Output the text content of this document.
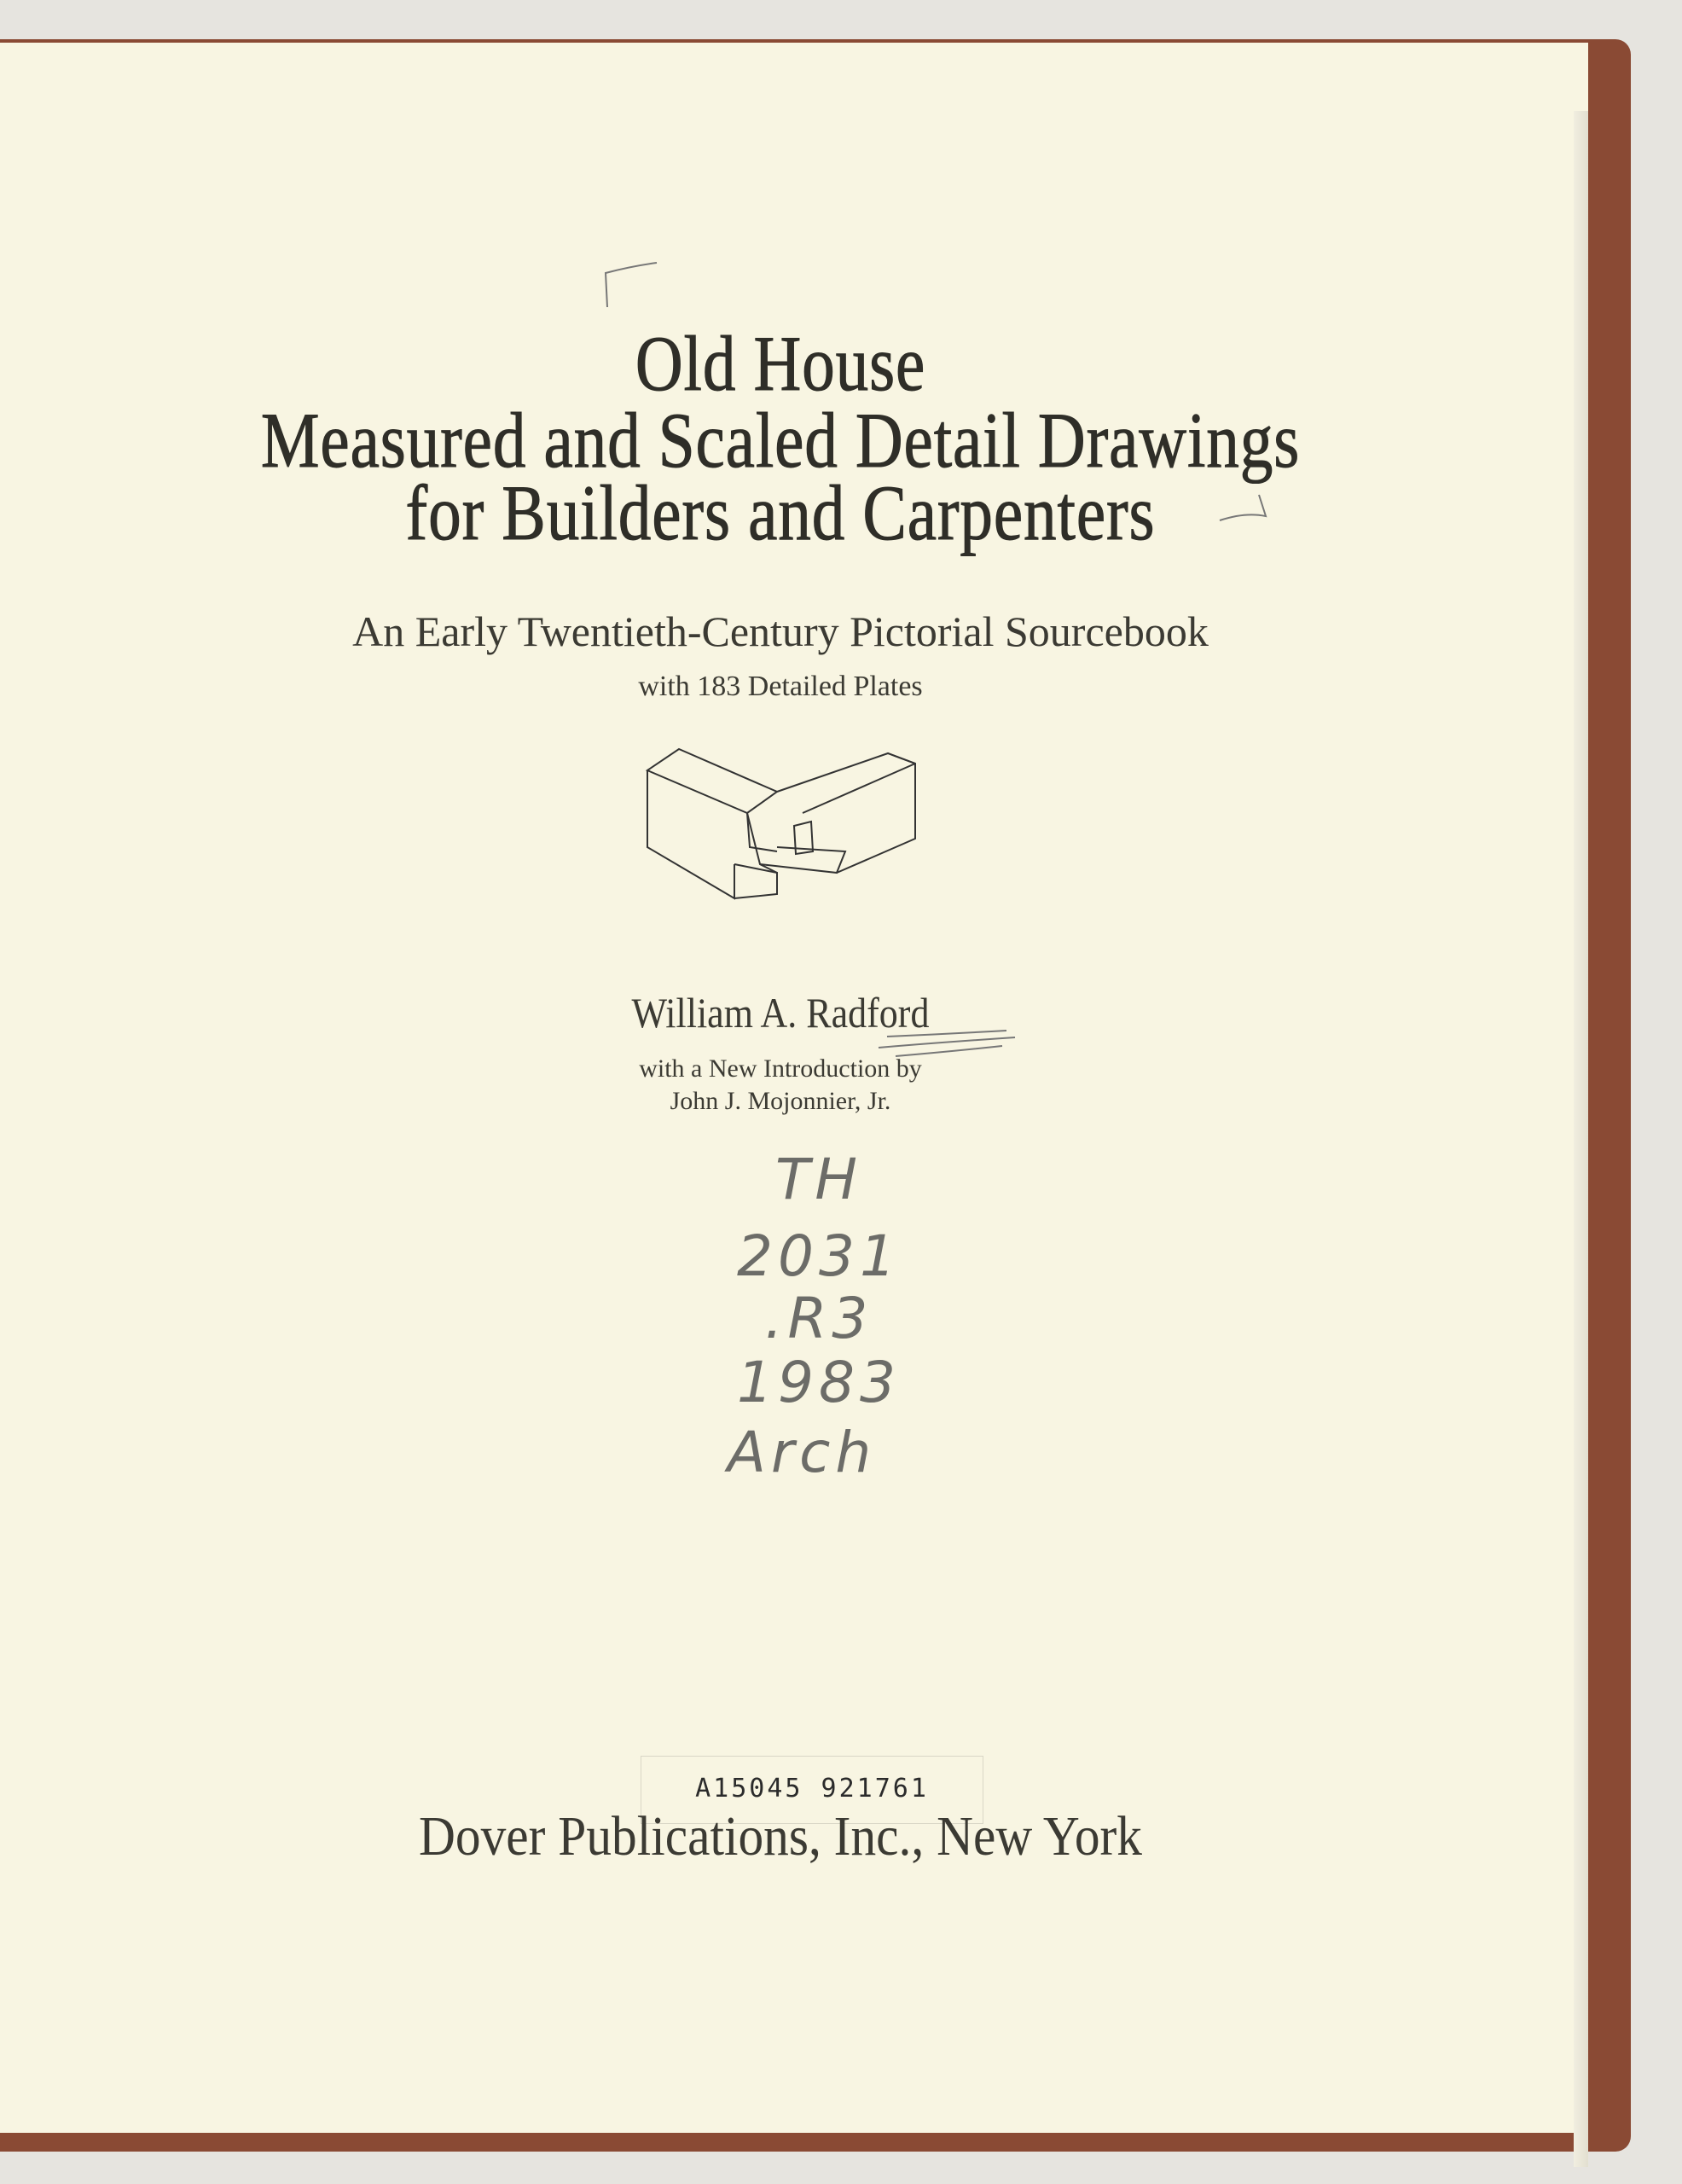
Old House
Measured and Scaled Detail Drawings
for Builders and Carpenters
An Early Twentieth-Century Pictorial Sourcebook
with 183 Detailed Plates
William A. Radford
with a New Introduction by
John J. Mojonnier, Jr.
TH
2031
.R3
1983
Arch
A15045 921761
Dover Publications, Inc., New York
